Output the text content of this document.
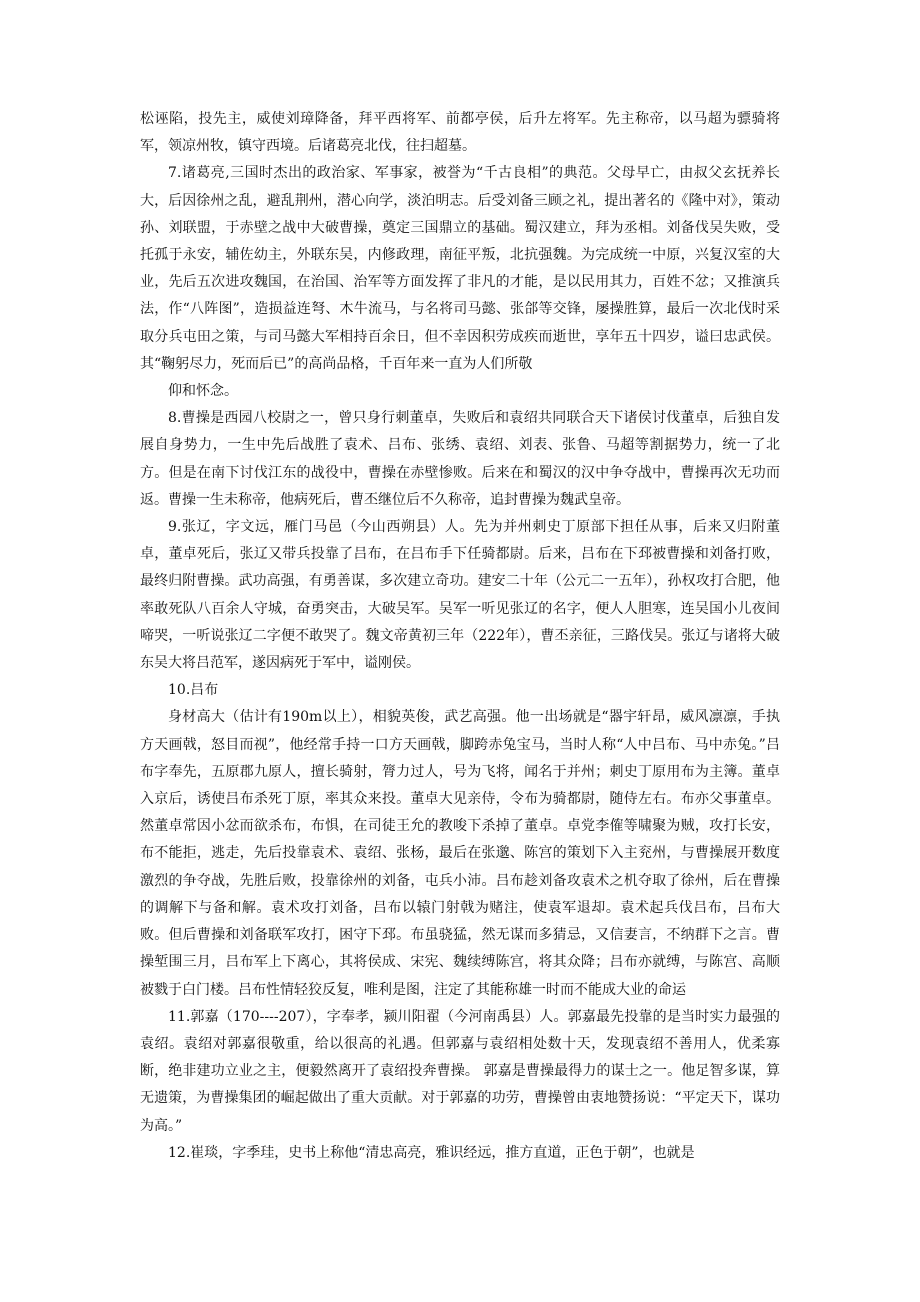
松诬陷，投先主，威使刘璋降备，拜平西将军、前都亭侯，后升左将军。先主称帝，以马超为骠骑将军，领凉州牧，镇守西境。后诸葛亮北伐，往扫超墓。

7.诸葛亮,三国时杰出的政治家、军事家，被誉为“千古良相”的典范。父母早亡，由叔父玄抚养长大，后因徐州之乱，避乱荆州，潜心向学，淡泊明志。后受刘备三顾之礼，提出著名的《隆中对》，策动孙、刘联盟，于赤壁之战中大破曹操，奠定三国鼎立的基础。蜀汉建立，拜为丞相。刘备伐吴失败，受托孤于永安，辅佐幼主，外联东吴，内修政理，南征平叛，北抗强魏。为完成统一中原，兴复汉室的大业，先后五次进攻魏国，在治国、治军等方面发挥了非凡的才能，是以民用其力，百姓不忿；又推演兵法，作“八阵图”，造损益连弩、木牛流马，与名将司马懿、张郃等交锋，屡操胜算，最后一次北伐时采取分兵屯田之策，与司马懿大军相持百余日，但不幸因积劳成疾而逝世，享年五十四岁，谥曰忠武侯。其“鞠躬尽力，死而后已”的高尚品格，千百年来一直为人们所敬

仰和怀念。

8.曹操是西园八校尉之一，曾只身行刺董卓，失败后和袁绍共同联合天下诸侯讨伐董卓，后独自发展自身势力，一生中先后战胜了袁术、吕布、张绣、袁绍、刘表、张鲁、马超等割据势力，统一了北方。但是在南下讨伐江东的战役中，曹操在赤壁惨败。后来在和蜀汉的汉中争夺战中，曹操再次无功而返。曹操一生未称帝，他病死后，曹丕继位后不久称帝，追封曹操为魏武皇帝。

9.张辽，字文远，雁门马邑（今山西朔县）人。先为并州刺史丁原部下担任从事，后来又归附董卓，董卓死后，张辽又带兵投靠了吕布，在吕布手下任骑都尉。后来，吕布在下邳被曹操和刘备打败，最终归附曹操。武功高强，有勇善谋，多次建立奇功。建安二十年（公元二一五年），孙权攻打合肥，他率敢死队八百余人守城，奋勇突击，大破吴军。吴军一听见张辽的名字，便人人胆寒，连吴国小儿夜间啼哭，一听说张辽二字便不敢哭了。魏文帝黄初三年（222年），曹丕亲征，三路伐吴。张辽与诸将大破东吴大将吕范军，遂因病死于军中，谥刚侯。

10.吕布

身材高大（估计有190m以上），相貌英俊，武艺高强。他一出场就是“器宇轩昂，威风凛凛，手执方天画戟，怒目而视”，他经常手持一口方天画戟，脚跨赤兔宝马，当时人称“人中吕布、马中赤兔。”吕布字奉先，五原郡九原人，擅长骑射，膂力过人，号为飞将，闻名于并州；刺史丁原用布为主簿。董卓入京后，诱使吕布杀死丁原，率其众来投。董卓大见亲侍，令布为骑都尉，随侍左右。布亦父事董卓。然董卓常因小忿而欲杀布，布惧，在司徒王允的教唆下杀掉了董卓。卓党李傕等啸聚为贼，攻打长安，布不能拒，逃走，先后投靠袁术、袁绍、张杨，最后在张邈、陈宫的策划下入主兖州，与曹操展开数度激烈的争夺战，先胜后败，投靠徐州的刘备，屯兵小沛。吕布趁刘备攻袁术之机夺取了徐州，后在曹操的调解下与备和解。袁术攻打刘备，吕布以辕门射戟为赌注，使袁军退却。袁术起兵伐吕布，吕布大败。但后曹操和刘备联军攻打，困守下邳。布虽骁猛，然无谋而多猜忌，又信妻言，不纳群下之言。曹操堑围三月，吕布军上下离心，其将侯成、宋宪、魏续缚陈宫，将其众降；吕布亦就缚，与陈宫、高顺被戮于白门楼。吕布性情轻狡反复，唯利是图，注定了其能称雄一时而不能成大业的命运

11.郭嘉（170----207），字奉孝，颍川阳翟（今河南禹县）人。郭嘉最先投靠的是当时实力最强的袁绍。袁绍对郭嘉很敬重，给以很高的礼遇。但郭嘉与袁绍相处数十天，发现袁绍不善用人，优柔寡断，绝非建功立业之主，便毅然离开了袁绍投奔曹操。 郭嘉是曹操最得力的谋士之一。他足智多谋，算无遗策，为曹操集团的崛起做出了重大贡献。对于郭嘉的功劳，曹操曾由衷地赞扬说：“平定天下，谋功为高。”

12.崔琰，字季珪，史书上称他“清忠高亮，雅识经远，推方直道，正色于朝”，也就是
